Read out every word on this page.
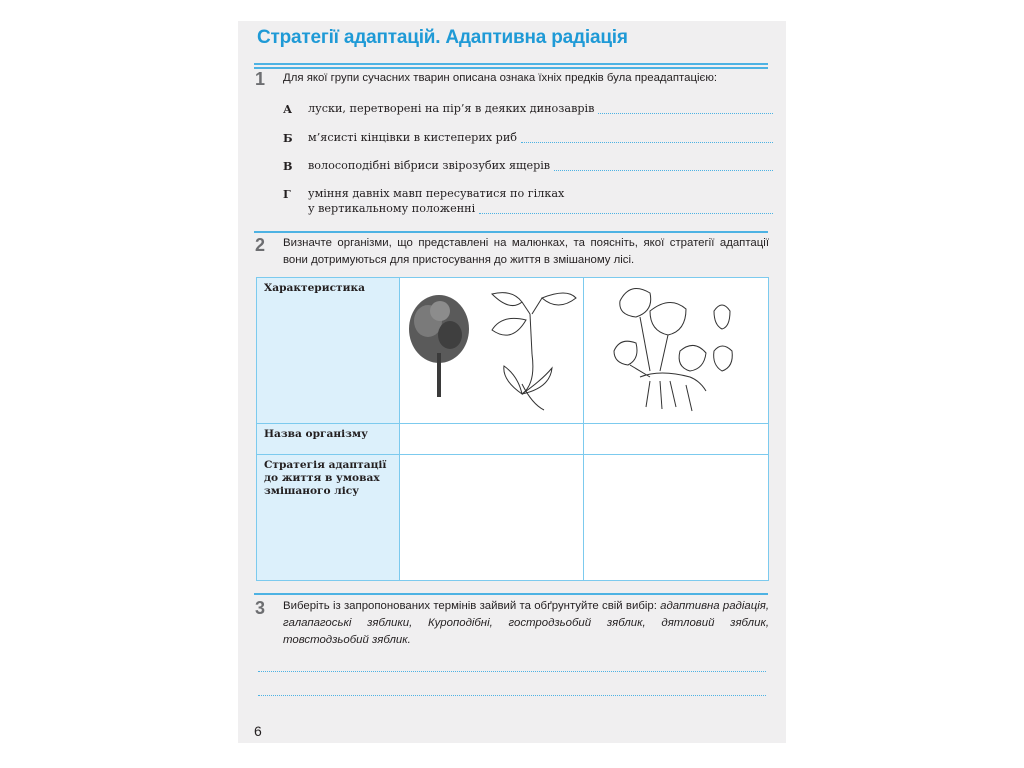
Стратегії адаптацій. Адаптивна радіація
1 Для якої групи сучасних тварин описана ознака їхніх предків була преадаптацією:
А	луски, перетворені на пір’я в деяких динозаврів
Б	м’ясисті кінцівки в кистеперих риб
В	волосоподібні вібриси звірозубих ящерів
Г	уміння давніх мавп пересуватися по гілках
у вертикальному положенні
2 Визначте організми, що представлені на малюнках, та поясніть, якої стратегії адаптації вони дотримуються для пристосування до життя в змішаному лісі.
Характеристика		
Назва організму		
Стратегія адаптації до життя в умовах змішаного лісу		
3 Виберіть із запропонованих термінів зайвий та обґрунтуйте свій вибір: адаптивна радіація, галапагоські зяблики, Куроподібні, гостродзьобий зяблик, дятловий зяблик, товстодзьобий зяблик.
6
